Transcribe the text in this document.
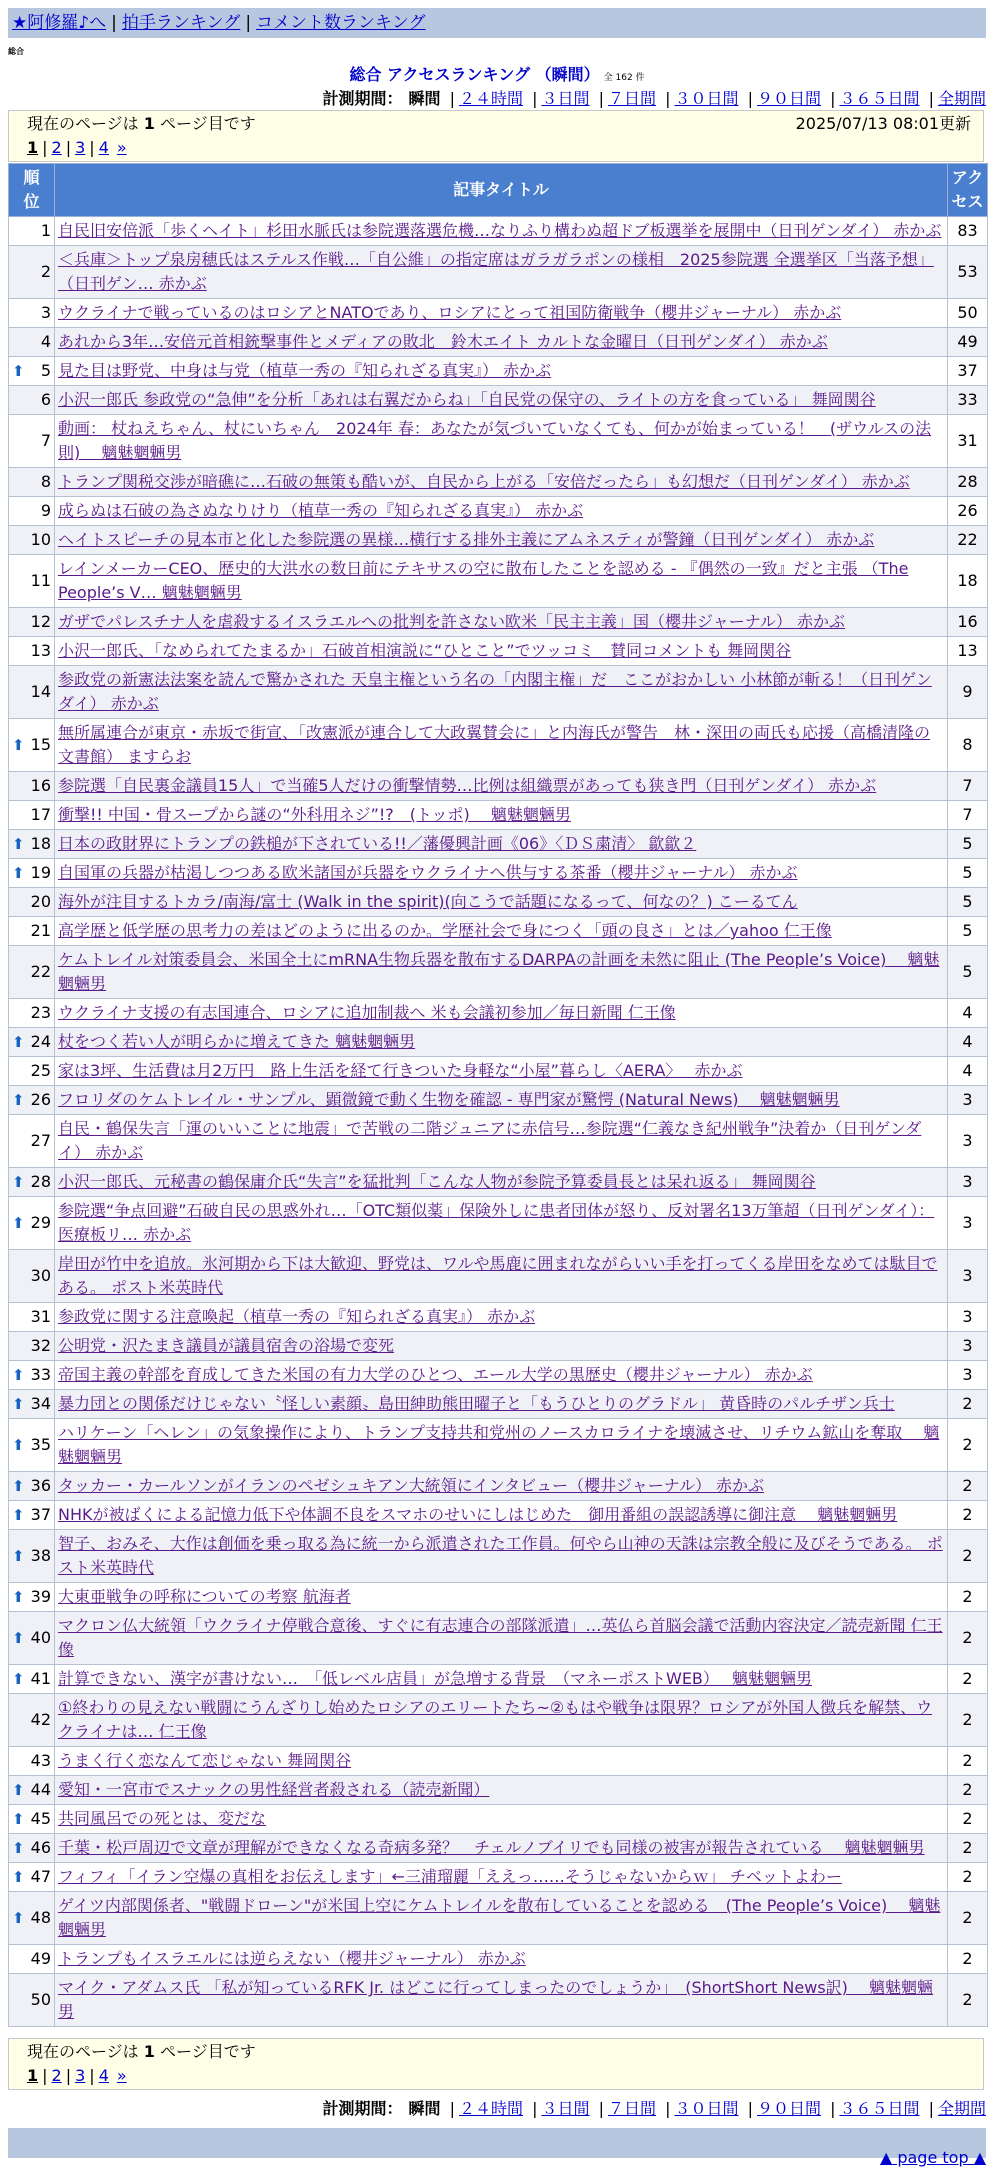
★阿修羅♪へ | 拍手ランキング | コメント数ランキング
総合
総合 アクセスランキング （瞬間） 全 162 件
計測期間： 瞬間 | ２４時間 | ３日間 | ７日間 | ３０日間 | ９０日間 | ３６５日間 | 全期間
現在のページは 1 ページ目です	2025/07/13 08:01更新
1 | 2 | 3 | 4 »
順位	記事タイトル	アクセス
1	自民旧安倍派「歩くヘイト」杉田水脈氏は参院選落選危機…なりふり構わぬ超ドブ板選挙を展開中（日刊ゲンダイ） 赤かぶ	83
2	＜兵庫＞トップ泉房穂氏はステルス作戦…「自公維」の指定席はガラガラポンの様相　2025参院選 全選挙区「当落予想」（日刊ゲン… 赤かぶ	53
3	ウクライナで戦っているのはロシアとNATOであり、ロシアにとって祖国防衛戦争（櫻井ジャーナル） 赤かぶ	50
4	あれから3年…安倍元首相銃撃事件とメディアの敗北　鈴木エイト カルトな金曜日（日刊ゲンダイ） 赤かぶ	49

⬆ 5	見た目は野党、中身は与党（植草一秀の『知られざる真実』） 赤かぶ	37
6	小沢一郎氏 参政党の“急伸”を分析「あれは右翼だからね」「自民党の保守の、ライトの方を食っている」 舞岡関谷	33
7	動画： 杖ねえちゃん、杖にいちゃん　2024年 春：あなたが気づいていなくても、何かが始まっている！　(ザウルスの法則)　 魑魅魍魎男	31
8	トランプ関税交渉が暗礁に…石破の無策も酷いが、自民から上がる「安倍だったら」も幻想だ（日刊ゲンダイ） 赤かぶ	28
9	成らぬは石破の為さぬなりけり（植草一秀の『知られざる真実』） 赤かぶ	26
10	ヘイトスピーチの見本市と化した参院選の異様…横行する排外主義にアムネスティが警鐘（日刊ゲンダイ） 赤かぶ	22
11	レインメーカーCEO、歴史的大洪水の数日前にテキサスの空に散布したことを認める - 『偶然の一致』だと主張 （The People’s V… 魑魅魍魎男	18
12	ガザでパレスチナ人を虐殺するイスラエルへの批判を許さない欧米「民主主義」国（櫻井ジャーナル） 赤かぶ	16
13	小沢一郎氏、「なめられてたまるか」石破首相演説に“ひとこと”でツッコミ　賛同コメントも 舞岡関谷	13
14	参政党の新憲法法案を読んで驚かされた 天皇主権という名の「内閣主権」だ　ここがおかしい 小林節が斬る！（日刊ゲンダイ） 赤かぶ	9

⬆ 15	無所属連合が東京・赤坂で街宣、「改憲派が連合して大政翼賛会に」と内海氏が警告　林・深田の両氏も応援（高橋清隆の文書館） ますらお	8
16	参院選「自民裏金議員15人」で当確5人だけの衝撃情勢…比例は組織票があっても狭き門（日刊ゲンダイ） 赤かぶ	7
17	衝撃!! 中国・骨スープから謎の“外科用ネジ”!?　(トッポ)　 魑魅魍魎男	7

⬆ 18	日本の政財界にトランプの鉄槌が下されている!!／藩優興計画《06》〈ＤＳ粛清〉 歙歙２	5

⬆ 19	自国軍の兵器が枯渇しつつある欧米諸国が兵器をウクライナへ供与する茶番（櫻井ジャーナル） 赤かぶ	5
20	海外が注目するトカラ/南海/富士 (Walk in the spirit)(向こうで話題になるって、何なの？) こーるてん	5
21	高学歴と低学歴の思考力の差はどのように出るのか。学歴社会で身につく「頭の良さ」とは／yahoo 仁王像	5
22	ケムトレイル対策委員会、米国全土にmRNA生物兵器を散布するDARPAの計画を未然に阻止 (The People’s Voice)　 魑魅魍魎男	5
23	ウクライナ支援の有志国連合、ロシアに追加制裁へ 米も会議初参加／毎日新聞 仁王像	4

⬆ 24	杖をつく若い人が明らかに増えてきた 魑魅魍魎男	4
25	家は3坪、生活費は月2万円　路上生活を経て行きついた身軽な“小屋”暮らし〈AERA〉　 赤かぶ	4

⬆ 26	フロリダのケムトレイル・サンプル、顕微鏡で動く生物を確認 - 専門家が驚愕 (Natural News)　 魑魅魍魎男	3
27	自民・鶴保失言「運のいいことに地震」で苦戦の二階ジュニアに赤信号…参院選“仁義なき紀州戦争”決着か（日刊ゲンダイ） 赤かぶ	3

⬆ 28	小沢一郎氏、元秘書の鶴保庸介氏“失言”を猛批判「こんな人物が参院予算委員長とは呆れ返る」 舞岡関谷	3

⬆ 29	参院選“争点回避”石破自民の思惑外れ…「OTC類似薬」保険外しに患者団体が怒り、反対署名13万筆超（日刊ゲンダイ）：医療板リ… 赤かぶ	3
30	岸田が竹中を追放。氷河期から下は大歓迎、野党は、ワルや馬鹿に囲まれながらいい手を打ってくる岸田をなめては駄目である。 ポスト米英時代	3
31	参政党に関する注意喚起（植草一秀の『知られざる真実』） 赤かぶ	3
32	公明党・沢たまき議員が議員宿舎の浴場で変死	3

⬆ 33	帝国主義の幹部を育成してきた米国の有力大学のひとつ、エール大学の黒歴史（櫻井ジャーナル） 赤かぶ	3

⬆ 34	暴力団との関係だけじゃない〝怪しい素顔〟島田紳助熊田曜子と「もうひとりのグラドル」 黄昏時のパルチザン兵士	2

⬆ 35	ハリケーン「ヘレン」の気象操作により、トランプ支持共和党州のノースカロライナを壊滅させ、リチウム鉱山を奪取　 魑魅魍魎男	2

⬆ 36	タッカー・カールソンがイランのペゼシュキアン大統領にインタビュー（櫻井ジャーナル） 赤かぶ	2

⬆ 37	NHKが被ばくによる記憶力低下や体調不良をスマホのせいにしはじめた　御用番組の誤認誘導に御注意　 魑魅魍魎男	2

⬆ 38	智子、おみそ、大作は創価を乗っ取る為に統一から派遣された工作員。何やら山神の天誅は宗教全般に及びそうである。 ポスト米英時代	2

⬆ 39	大東亜戦争の呼称についての考察 航海者	2

⬆ 40	マクロン仏大統領「ウクライナ停戦合意後、すぐに有志連合の部隊派遣」…英仏ら首脳会議で活動内容決定／読売新聞 仁王像	2

⬆ 41	計算できない、漢字が書けない…　「低レベル店員」が急増する背景　（マネーポストWEB）　 魑魅魍魎男	2
42	①終わりの見えない戦闘にうんざりし始めたロシアのエリートたち~②もはや戦争は限界？ロシアが外国人徴兵を解禁、ウクライナは… 仁王像	2
43	うまく行く恋なんて恋じゃない 舞岡関谷	2

⬆ 44	愛知・一宮市でスナックの男性経営者殺される（読売新聞）	2

⬆ 45	共同風呂での死とは、変だな	2

⬆ 46	千葉・松戸周辺で文章が理解ができなくなる奇病多発？　チェルノブイリでも同様の被害が報告されている　 魑魅魍魎男	2

⬆ 47	フィフィ「イラン空爆の真相をお伝えします」←三浦瑠麗「ええっ……そうじゃないからｗ」 チベットよわー	2

⬆ 48	ゲイツ内部関係者、"戦闘ドローン"が米国上空にケムトレイルを散布していることを認める　(The People’s Voice)　 魑魅魍魎男	2
49	トランプもイスラエルには逆らえない（櫻井ジャーナル） 赤かぶ	2
50	マイク・アダムス氏 「私が知っているRFK Jr. はどこに行ってしまったのでしょうか」　(ShortShort News訳)　 魑魅魍魎男	2
現在のページは 1 ページ目です
1 | 2 | 3 | 4 »
計測期間： 瞬間 | ２４時間 | ３日間 | ７日間 | ３０日間 | ９０日間 | ３６５日間 | 全期間
▲ page top ▲
